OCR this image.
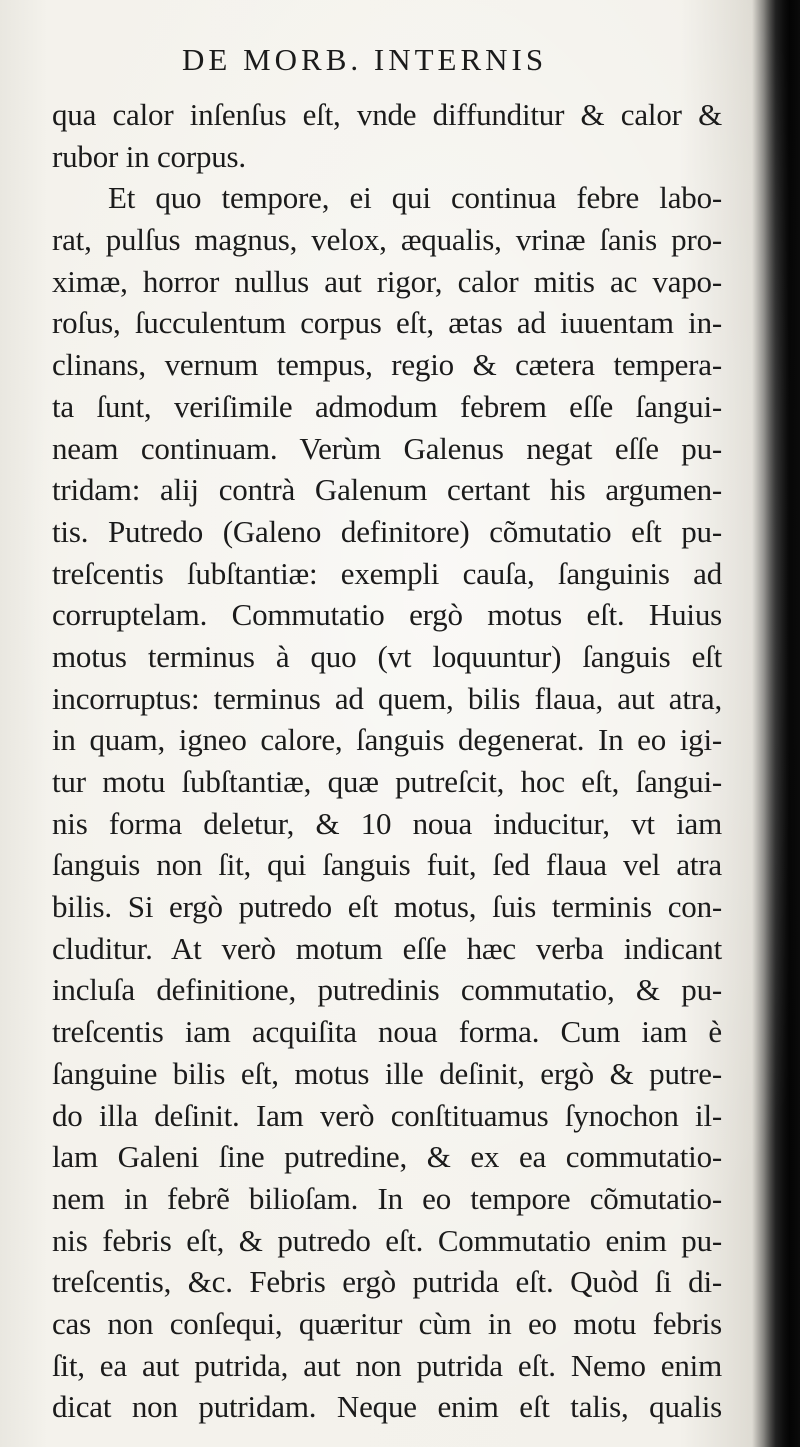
DE MORB. INTERNIS
qua calor inſenſus eſt, vnde diffunditur & calor &
rubor in corpus.
Et quo tempore, ei qui continua febre labo-
rat, pulſus magnus, velox, æqualis, vrinæ ſanis pro-
ximæ, horror nullus aut rigor, calor mitis ac vapo-
roſus, ſucculentum corpus eſt, ætas ad iuuentam in-
clinans, vernum tempus, regio & cætera tempera-
ta ſunt, veriſimile admodum febrem eſſe ſangui-
neam continuam. Verùm Galenus negat eſſe pu-
tridam: alij contrà Galenum certant his argumen-
tis. Putredo (Galeno definitore) cõmutatio eſt pu-
treſcentis ſubſtantiæ: exempli cauſa, ſanguinis ad
corruptelam. Commutatio ergò motus eſt. Huius
motus terminus à quo (vt loquuntur) ſanguis eſt
incorruptus: terminus ad quem, bilis flaua, aut atra,
in quam, igneo calore, ſanguis degenerat. In eo igi-
tur motu ſubſtantiæ, quæ putreſcit, hoc eſt, ſangui-
nis forma deletur, & 10 noua inducitur, vt iam
ſanguis non ſit, qui ſanguis fuit, ſed flaua vel atra
bilis. Si ergò putredo eſt motus, ſuis terminis con-
cluditur. At verò motum eſſe hæc verba indicant
incluſa definitione, putredinis commutatio, & pu-
treſcentis iam acquiſita noua forma. Cum iam è
ſanguine bilis eſt, motus ille deſinit, ergò & putre-
do illa deſinit. Iam verò conſtituamus ſynochon il-
lam Galeni ſine putredine, & ex ea commutatio-
nem in febrẽ bilioſam. In eo tempore cõmutatio-
nis febris eſt, & putredo eſt. Commutatio enim pu-
treſcentis, &c. Febris ergò putrida eſt. Quòd ſi di-
cas non conſequi, quæritur cùm in eo motu febris
ſit, ea aut putrida, aut non putrida eſt. Nemo enim
dicat non putridam. Neque enim eſt talis, qualis
